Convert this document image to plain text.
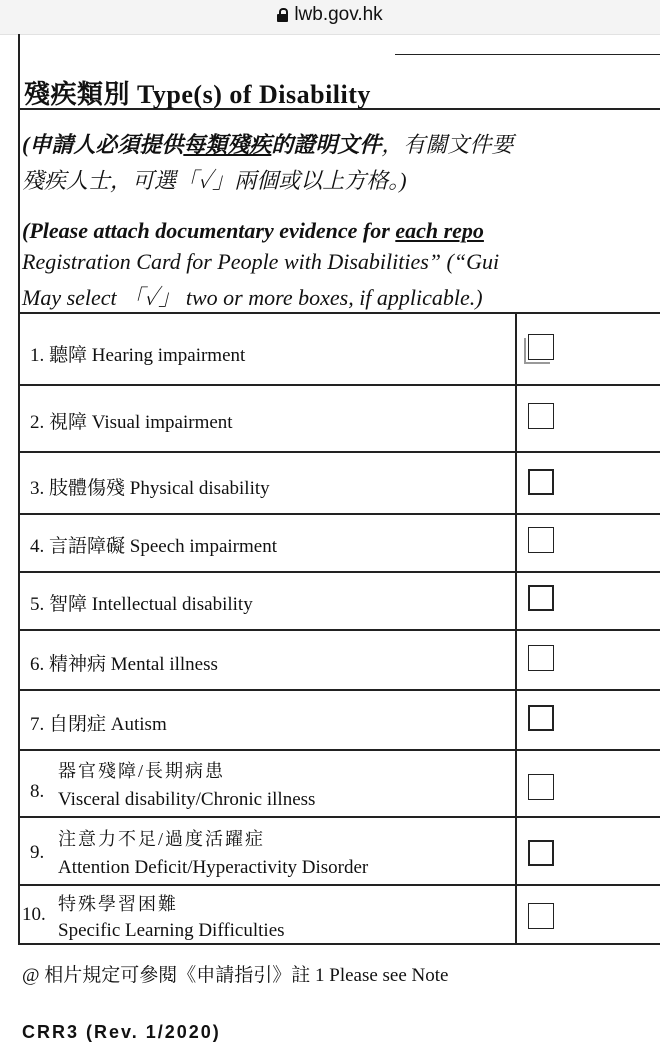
lwb.gov.hk
殘疾類別 Type(s) of Disability
(申請人必須提供每類殘疾的證明文件，有關文件要
殘疾人士，可選「✓」兩個或以上方格。)
(Please attach documentary evidence for each repo
Registration Card for People with Disabilities” (“Gui
May select 「✓」 two or more boxes, if applicable.)
1. 聽障 Hearing impairment
2. 視障 Visual impairment
3. 肢體傷殘 Physical disability
4. 言語障礙 Speech impairment
5. 智障 Intellectual disability
6. 精神病 Mental illness
7. 自閉症 Autism
8.
器官殘障/長期病患
Visceral disability/Chronic illness
9.
注意力不足/過度活躍症
Attention Deficit/Hyperactivity Disorder
10. 特殊學習困難
Specific Learning Difficulties
@ 相片規定可參閱《申請指引》註 1 Please see Note
CRR3 (Rev. 1/2020)
